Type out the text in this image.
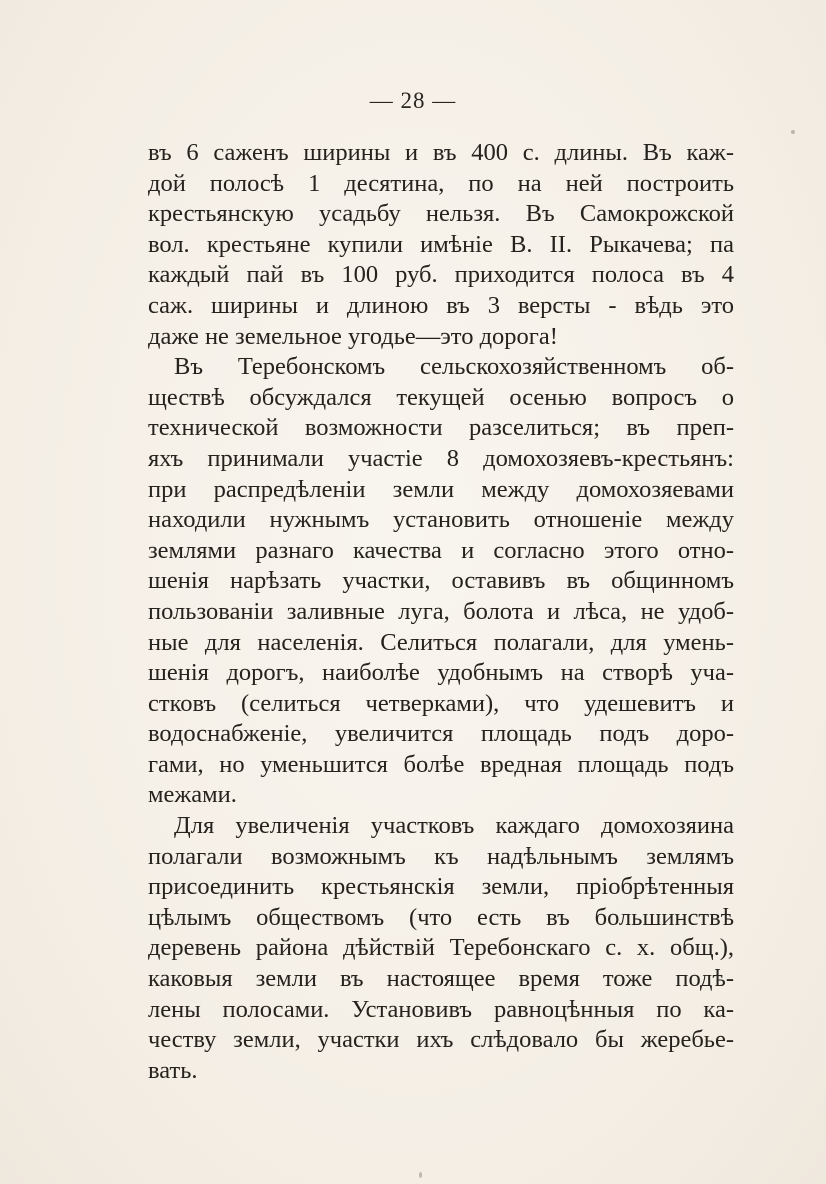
— 28 —
въ 6 саженъ ширины и въ 400 с. длины. Въ каж-
дой полосѣ 1 десятина, по на ней построить
крестьянскую усадьбу нельзя. Въ Самокрожской
вол. крестьяне купили имѣніе В. II. Рыкачева; па
каждый пай въ 100 руб. приходится полоса въ 4
саж. ширины и длиною въ 3 версты - вѣдь это
даже не земельное угодье—это дорога!
Въ Теребонскомъ сельскохозяйственномъ об-
ществѣ обсуждался текущей осенью вопросъ о
технической возможности разселиться; въ преп-
яхъ принимали участіе 8 домохозяевъ-крестьянъ:
при распредѣленіи земли между домохозяевами
находили нужнымъ установить отношеніе между
землями разнаго качества и согласно этого отно-
шенія нарѣзать участки, оставивъ въ общинномъ
пользованіи заливные луга, болота и лѣса, не удоб-
ные для населенія. Селиться полагали, для умень-
шенія дорогъ, наиболѣе удобнымъ на створѣ уча-
стковъ (селиться четверками), что удешевитъ и
водоснабженіе, увеличится площадь подъ доро-
гами, но уменьшится болѣе вредная площадь подъ
межами.
Для увеличенія участковъ каждаго домохозяина
полагали возможнымъ къ надѣльнымъ землямъ
присоединить крестьянскія земли, пріобрѣтенныя
цѣлымъ обществомъ (что есть въ большинствѣ
деревень района дѣйствій Теребонскаго с. х. общ.),
каковыя земли въ настоящее время тоже подѣ-
лены полосами. Установивъ равноцѣнныя по ка-
честву земли, участки ихъ слѣдовало бы жеребье-
вать.
